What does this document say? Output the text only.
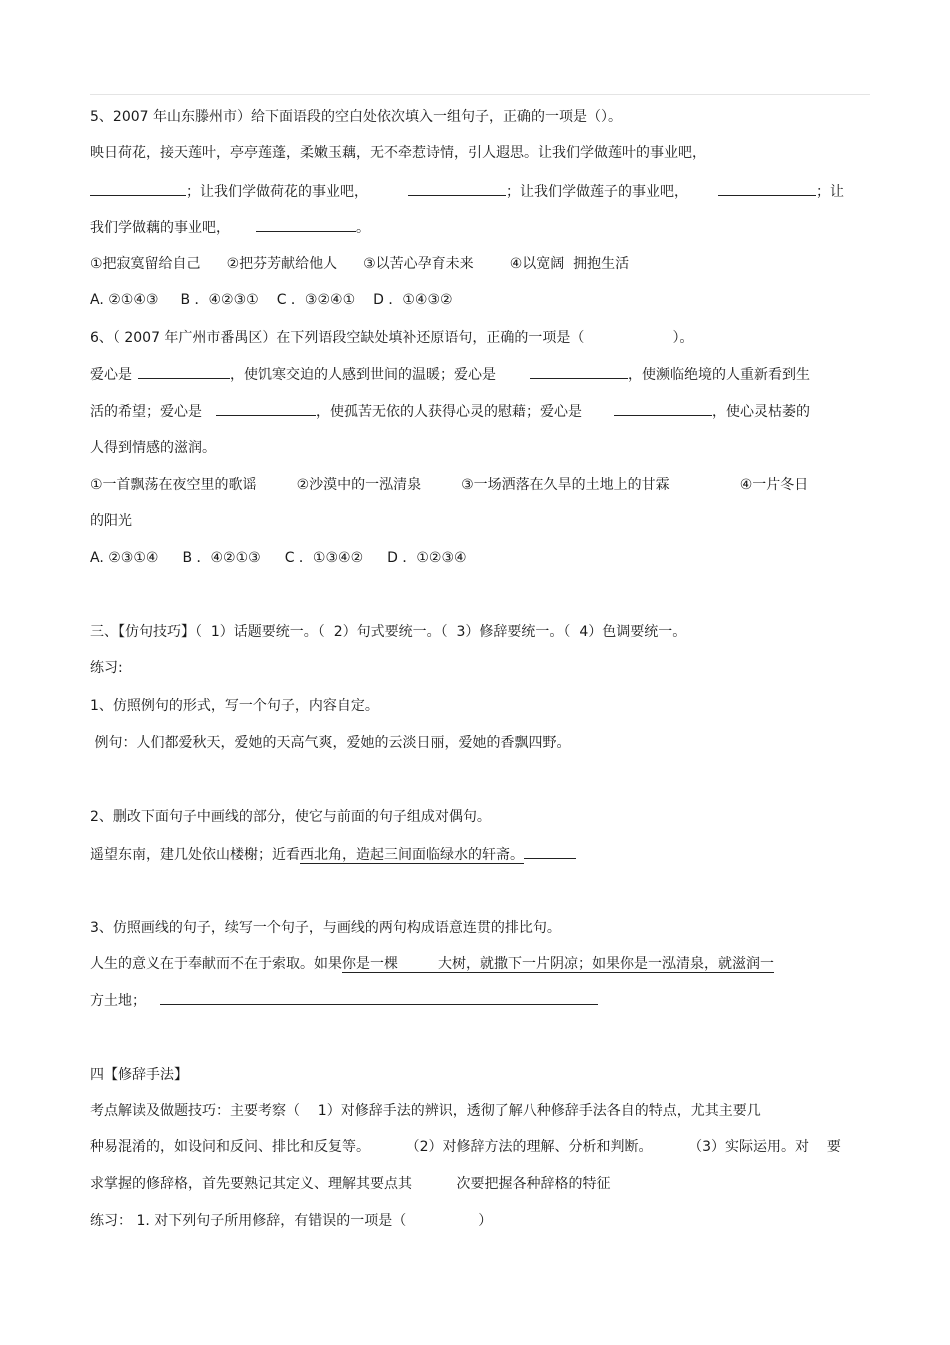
5、2007 年山东滕州市）给下面语段的空白处依次填入一组句子，正确的一项是（）。
映日荷花，接天莲叶，亭亭莲蓬，柔嫩玉藕，无不牵惹诗情，引人遐思。让我们学做莲叶的事业吧，
；让我们学做荷花的事业吧，	；让我们学做莲子的事业吧，	；让
我们学做藕的事业吧，	。
①把寂寞留给自己 ②把芬芳献给他人 ③以苦心孕育未来	④以宽阔  拥抱生活
A. ②①④③ B ．④②③① C ．③②④① D ．①④③②
6、（ 2007 年广州市番禺区）在下列语段空缺处填补还原语句，正确的一项是（	）。
爱心是	，使饥寒交迫的人感到世间的温暖；爱心是	，使濒临绝境的人重新看到生
活的希望；爱心是	，使孤苦无依的人获得心灵的慰藉；爱心是	，使心灵枯萎的
人得到情感的滋润。
①一首飘荡在夜空里的歌谣	②沙漠中的一泓清泉	③一场洒落在久旱的土地上的甘霖	④一片冬日
的阳光
A. ②③①④ B ．④②①③ C ．①③④② D ．①②③④
三、【仿句技巧】（  1）话题要统一。（  2）句式要统一。（  3）修辞要统一。（  4）色调要统一。
练习:
1、仿照例句的形式，写一个句子，内容自定。
例句：人们都爱秋天，爱她的天高气爽，爱她的云淡日丽，爱她的香飘四野。
2、删改下面句子中画线的部分，使它与前面的句子组成对偶句。
遥望东南，建几处依山楼榭；近看西北角，造起三间面临绿水的轩斋。
3、仿照画线的句子，续写一个句子，与画线的两句构成语意连贯的排比句。
人生的意义在于奉献而不在于索取。如果你是一棵         大树，就撒下一片阴凉；如果你是一泓清泉，就滋润一
方土地；
四【修辞手法】
考点解读及做题技巧：主要考察（    1）对修辞手法的辨识，透彻了解八种修辞手法各自的特点，尤其主要几
种易混淆的，如设问和反问、排比和反复等。        （2）对修辞方法的理解、分析和判断。        （3）实际运用。对    要
求掌握的修辞格，首先要熟记其定义、理解其要点其          次要把握各种辞格的特征
练习： 1. 对下列句子所用修辞，有错误的一项是（	）
